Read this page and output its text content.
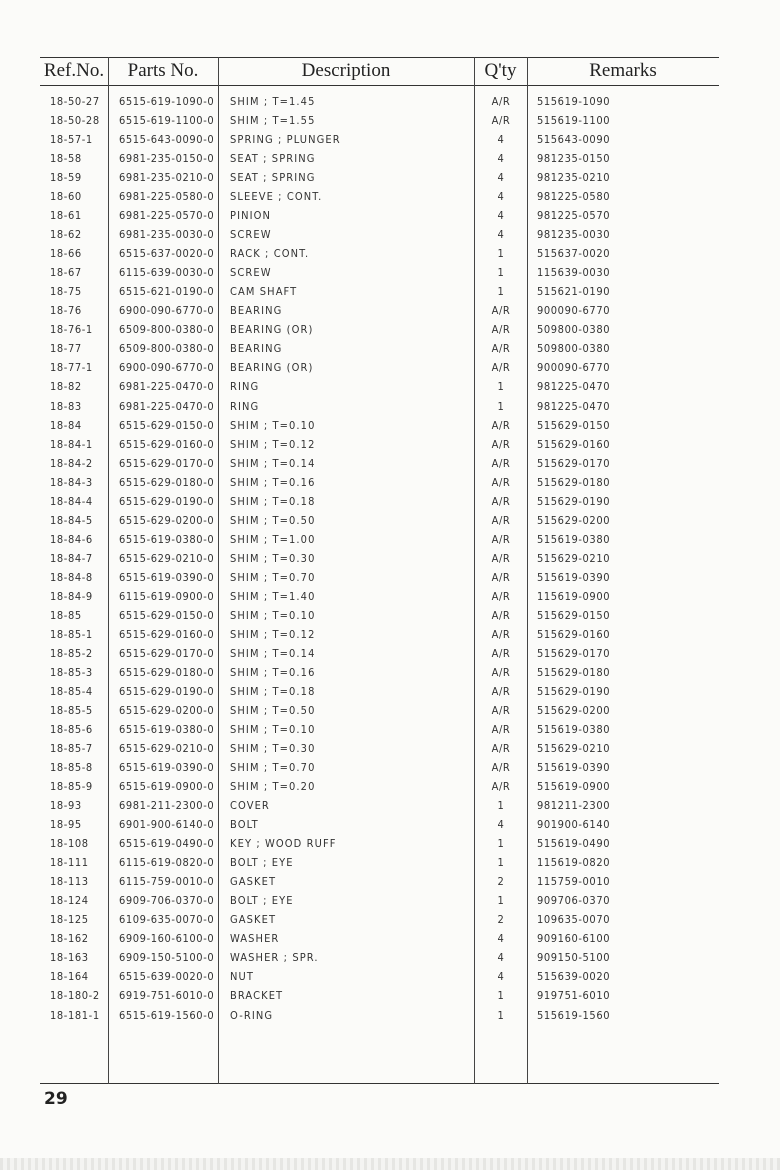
Ref.No.	Parts No.	Description	Q'ty	Remarks
18-50-27 6515-619-1090-0 SHIM ; T=1.45	A/R	515619-1090
18-50-28 6515-619-1100-0 SHIM ; T=1.55	A/R	515619-1100
18-57-1 6515-643-0090-0 SPRING ; PLUNGER	4	515643-0090
18-58	6981-235-0150-0 SEAT ; SPRING	4	981235-0150
18-59	6981-235-0210-0 SEAT ; SPRING	4	981235-0210
18-60	6981-225-0580-0 SLEEVE ; CONT.	4	981225-0580
18-61	6981-225-0570-0 PINION	4	981225-0570
18-62	6981-235-0030-0 SCREW	4	981235-0030
18-66	6515-637-0020-0 RACK ; CONT.	1	515637-0020
18-67	6115-639-0030-0 SCREW	1	115639-0030
18-75	6515-621-0190-0 CAM SHAFT	1	515621-0190
18-76	6900-090-6770-0 BEARING	A/R	900090-6770
18-76-1 6509-800-0380-0 BEARING (OR)	A/R	509800-0380
18-77	6509-800-0380-0 BEARING	A/R	509800-0380
18-77-1 6900-090-6770-0 BEARING (OR)	A/R	900090-6770
18-82	6981-225-0470-0 RING	1	981225-0470
18-83	6981-225-0470-0 RING	1	981225-0470
18-84	6515-629-0150-0 SHIM ; T=0.10	A/R	515629-0150
18-84-1 6515-629-0160-0 SHIM ; T=0.12	A/R	515629-0160
18-84-2 6515-629-0170-0 SHIM ; T=0.14	A/R	515629-0170
18-84-3 6515-629-0180-0 SHIM ; T=0.16	A/R	515629-0180
18-84-4 6515-629-0190-0 SHIM ; T=0.18	A/R	515629-0190
18-84-5 6515-629-0200-0 SHIM ; T=0.50	A/R	515629-0200
18-84-6 6515-619-0380-0 SHIM ; T=1.00	A/R	515619-0380
18-84-7 6515-629-0210-0 SHIM ; T=0.30	A/R	515629-0210
18-84-8 6515-619-0390-0 SHIM ; T=0.70	A/R	515619-0390
18-84-9 6115-619-0900-0 SHIM ; T=1.40	A/R	115619-0900
18-85	6515-629-0150-0 SHIM ; T=0.10	A/R	515629-0150
18-85-1 6515-629-0160-0 SHIM ; T=0.12	A/R	515629-0160
18-85-2 6515-629-0170-0 SHIM ; T=0.14	A/R	515629-0170
18-85-3 6515-629-0180-0 SHIM ; T=0.16	A/R	515629-0180
18-85-4 6515-629-0190-0 SHIM ; T=0.18	A/R	515629-0190
18-85-5 6515-629-0200-0 SHIM ; T=0.50	A/R	515629-0200
18-85-6 6515-619-0380-0 SHIM ; T=0.10	A/R	515619-0380
18-85-7 6515-629-0210-0 SHIM ; T=0.30	A/R	515629-0210
18-85-8 6515-619-0390-0 SHIM ; T=0.70	A/R	515619-0390
18-85-9 6515-619-0900-0 SHIM ; T=0.20	A/R	515619-0900
18-93	6981-211-2300-0 COVER	1	981211-2300
18-95	6901-900-6140-0 BOLT	4	901900-6140
18-108	6515-619-0490-0 KEY ; WOOD RUFF	1	515619-0490
18-111	6115-619-0820-0 BOLT ; EYE	1	115619-0820
18-113	6115-759-0010-0 GASKET	2	115759-0010
18-124	6909-706-0370-0 BOLT ; EYE	1	909706-0370
18-125	6109-635-0070-0 GASKET	2	109635-0070
18-162	6909-160-6100-0 WASHER	4	909160-6100
18-163	6909-150-5100-0 WASHER ; SPR.	4	909150-5100
18-164	6515-639-0020-0 NUT	4	515639-0020
18-180-2 6919-751-6010-0 BRACKET	1	919751-6010
18-181-1 6515-619-1560-0 O-RING	1	515619-1560
29
